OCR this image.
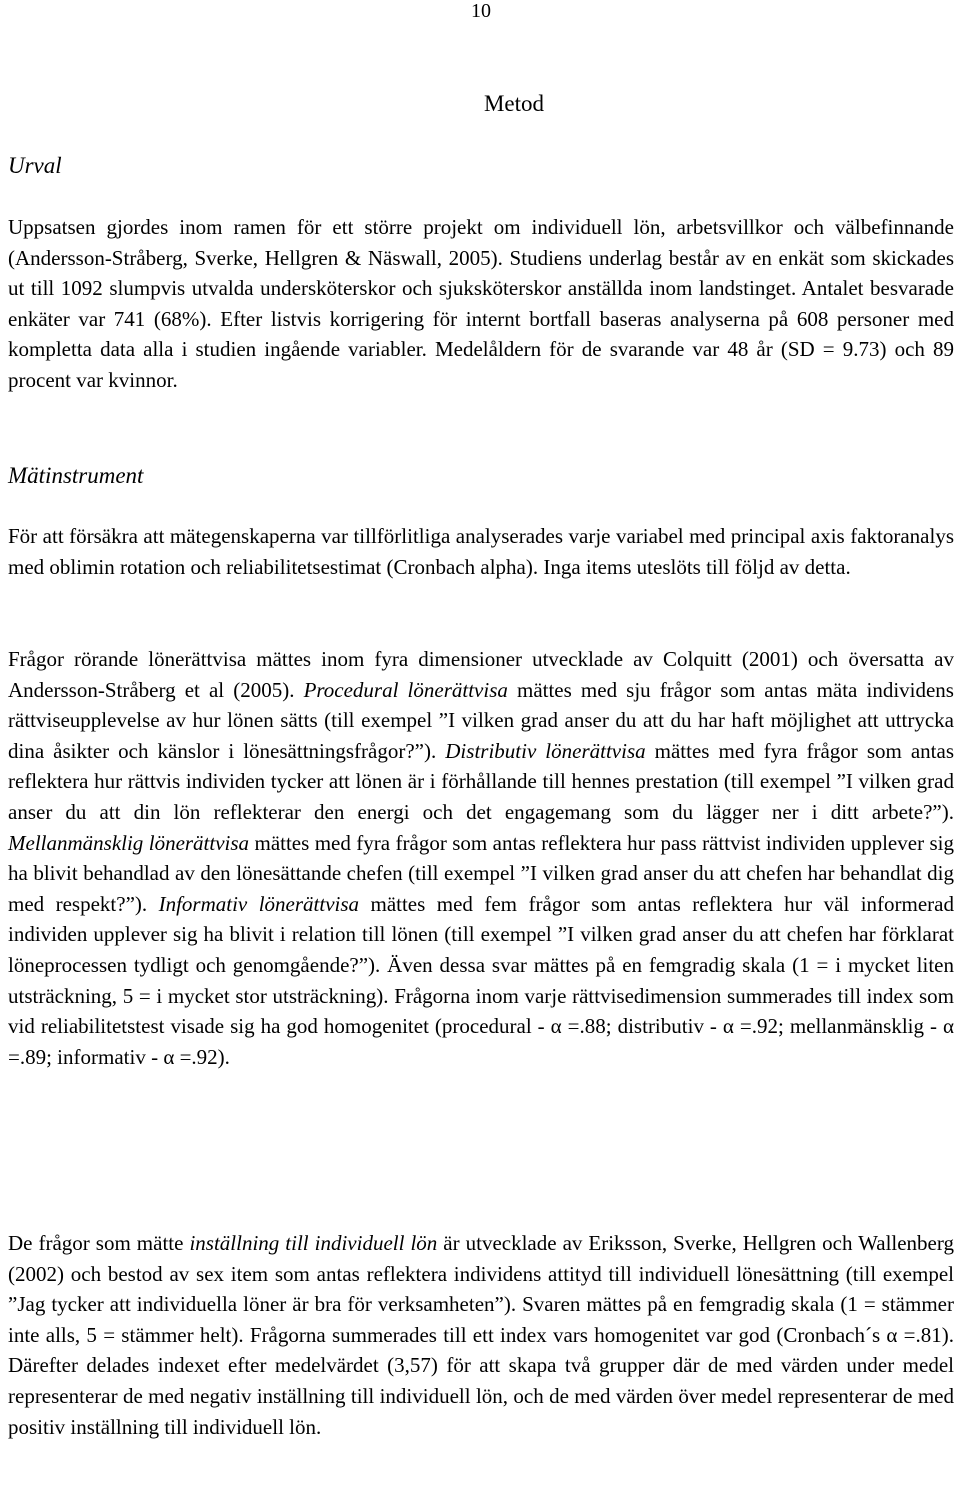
10
Metod
Urval

Uppsatsen gjordes inom ramen för ett större projekt om individuell lön, arbetsvillkor och välbefinnande (Andersson-Stråberg, Sverke, Hellgren & Näswall, 2005). Studiens underlag består av en enkät som skickades ut till 1092 slumpvis utvalda undersköterskor och sjuksköterskor anställda inom landstinget. Antalet besvarade enkäter var 741 (68%). Efter listvis korrigering för internt bortfall baseras analyserna på 608 personer med kompletta data alla i studien ingående variabler. Medelåldern för de svarande var 48 år (SD = 9.73) och 89 procent var kvinnor.

Mätinstrument

För att försäkra att mätegenskaperna var tillförlitliga analyserades varje variabel med principal axis faktoranalys med oblimin rotation och reliabilitetsestimat (Cronbach alpha). Inga items uteslöts till följd av detta.

Frågor rörande lönerättvisa mättes inom fyra dimensioner utvecklade av Colquitt (2001) och översatta av Andersson-Stråberg et al (2005). Procedural lönerättvisa mättes med sju frågor som antas mäta individens rättviseupplevelse av hur lönen sätts (till exempel ”I vilken grad anser du att du har haft möjlighet att uttrycka dina åsikter och känslor i lönesättningsfrågor?”). Distributiv lönerättvisa mättes med fyra frågor som antas reflektera hur rättvis individen tycker att lönen är i förhållande till hennes prestation (till exempel ”I vilken grad anser du att din lön reflekterar den energi och det engagemang som du lägger ner i ditt arbete?”). Mellanmänsklig lönerättvisa mättes med fyra frågor som antas reflektera hur pass rättvist individen upplever sig ha blivit behandlad av den lönesättande chefen (till exempel ”I vilken grad anser du att chefen har behandlat dig med respekt?”). Informativ lönerättvisa mättes med fem frågor som antas reflektera hur väl informerad individen upplever sig ha blivit i relation till lönen (till exempel ”I vilken grad anser du att chefen har förklarat löneprocessen tydligt och genomgående?”). Även dessa svar mättes på en femgradig skala (1 = i mycket liten utsträckning, 5 = i mycket stor utsträckning). Frågorna inom varje rättvisedimension summerades till index som vid reliabilitetstest visade sig ha god homogenitet (procedural - α =.88; distributiv - α =.92; mellanmänsklig - α =.89; informativ - α =.92).

De frågor som mätte inställning till individuell lön är utvecklade av Eriksson, Sverke, Hellgren och Wallenberg (2002) och bestod av sex item som antas reflektera individens attityd till individuell lönesättning (till exempel ”Jag tycker att individuella löner är bra för verksamheten”). Svaren mättes på en femgradig skala (1 = stämmer inte alls, 5 = stämmer helt). Frågorna summerades till ett index vars homogenitet var god (Cronbach´s α =.81). Därefter delades indexet efter medelvärdet (3,57) för att skapa två grupper där de med värden under medel representerar de med negativ inställning till individuell lön, och de med värden över medel representerar de med positiv inställning till individuell lön.
